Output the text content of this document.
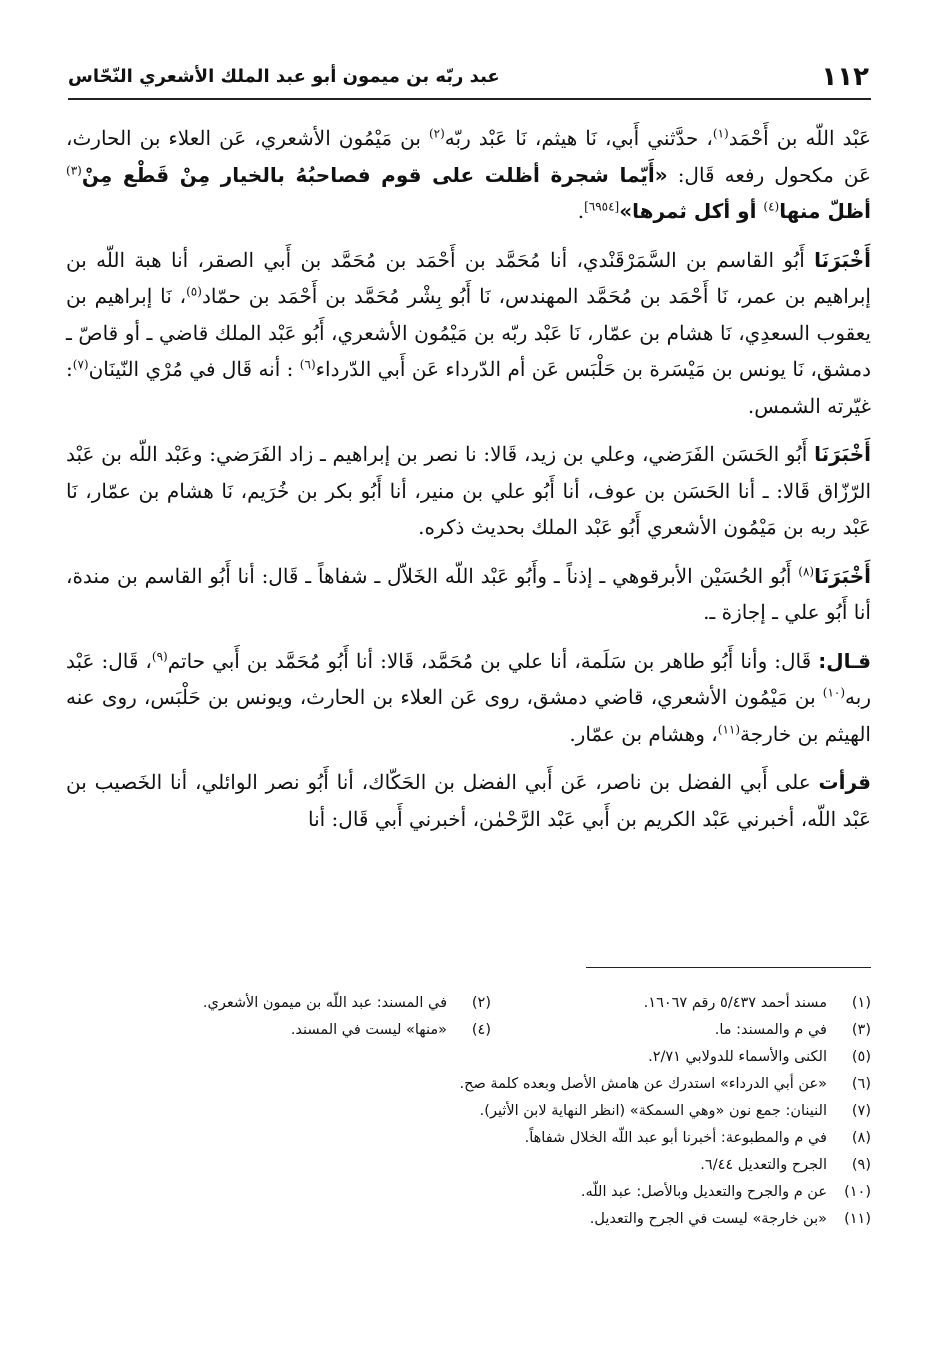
١١٢
عبد ربّه بن ميمون أبو عبد الملك الأشعري النّحّاس

عَبْد اللّه بن أَحْمَد$^{(١)}$، حدَّثني أَبي، نَا هيثم، نَا عَبْد ربّه$^{(٢)}$ بن مَيْمُون الأشعري، عَن العلاء بن الحارث، عَن مكحول رفعه قَال: «أَيّما شجرة أظلت على قوم فصاحبُهُ بالخيار مِنْ قَطْع مِنْ$^{(٣)}$ أظلّ منها$^{(٤)}$ أو أكل ثمرها»[٦٩٥٤].

أَخْبَرَنَا أَبُو القاسم بن السَّمَرْقَنْدي، أنا مُحَمَّد بن أَحْمَد بن مُحَمَّد بن أَبي الصقر، أنا هبة اللّه بن إبراهيم بن عمر، نَا أَحْمَد بن مُحَمَّد المهندس، نَا أَبُو بِشْر مُحَمَّد بن أَحْمَد بن حمّاد$^{(٥)}$، نَا إبراهيم بن يعقوب السعدِي، نَا هشام بن عمّار، نَا عَبْد ربّه بن مَيْمُون الأشعري، أَبُو عَبْد الملك قاضي ـ أو قاصّ ـ دمشق، نَا يونس بن مَيْسَرة بن حَلْبَس عَن أم الدّرداء عَن أَبي الدّرداء$^{(٦)}$ : أنه قَال في مُرْي النّينَان$^{(٧)}$: غيّرته الشمس.

أَخْبَرَنَا أَبُو الحَسَن الفَرَضي، وعلي بن زيد، قَالا: نا نصر بن إبراهيم ـ زاد الفَرَضي: وعَبْد اللّه بن عَبْد الرّزّاق قَالا: ـ أنا الحَسَن بن عوف، أنا أَبُو علي بن منير، أنا أَبُو بكر بن خُرَيم، نَا هشام بن عمّار، نَا عَبْد ربه بن مَيْمُون الأشعري أَبُو عَبْد الملك بحديث ذكره.

أَخْبَرَنَا$^{(٨)}$ أَبُو الحُسَيْن الأبرقوهي ـ إذناً ـ وأَبُو عَبْد اللّه الخَلاّل ـ شفاهاً ـ قَال: أنا أَبُو القاسم بن مندة، أنا أَبُو علي ـ إجازة ـ.

قـال: قَال: وأنا أَبُو طاهر بن سَلَمة، أنا علي بن مُحَمَّد، قَالا: أنا أَبُو مُحَمَّد بن أَبي حاتم$^{(٩)}$، قَال: عَبْد ربه$^{(١٠)}$ بن مَيْمُون الأشعري، قاضي دمشق، روى عَن العلاء بن الحارث، ويونس بن حَلْبَس، روى عنه الهيثم بن خارجة$^{(١١)}$، وهشام بن عمّار.

قرأت على أَبي الفضل بن ناصر، عَن أَبي الفضل بن الحَكّاك، أنا أَبُو نصر الوائلي، أنا الخَصيب بن عَبْد اللّه، أخبرني عَبْد الكريم بن أَبي عَبْد الرَّحْمٰن، أخبرني أَبي قَال: أنا

(١)مسند أحمد ٥/٤٣٧ رقم ١٦٠٦٧.
(٢)في المسند: عبد اللّه بن ميمون الأشعري.
(٣)في م والمسند: ما.
(٤)«منها» ليست في المسند.
(٥)الكنى والأسماء للدولابي ٢/٧١.
(٦)«عن أبي الدرداء» استدرك عن هامش الأصل وبعده كلمة صح.
(٧)النينان: جمع نون «وهي السمكة» (انظر النهاية لابن الأثير).
(٨)في م والمطبوعة: أخبرنا أبو عبد اللّه الخلال شفاهاً.
(٩)الجرح والتعديل ٦/٤٤.
(١٠)عن م والجرح والتعديل وبالأصل: عبد اللّه.
(١١)«بن خارجة» ليست في الجرح والتعديل.
